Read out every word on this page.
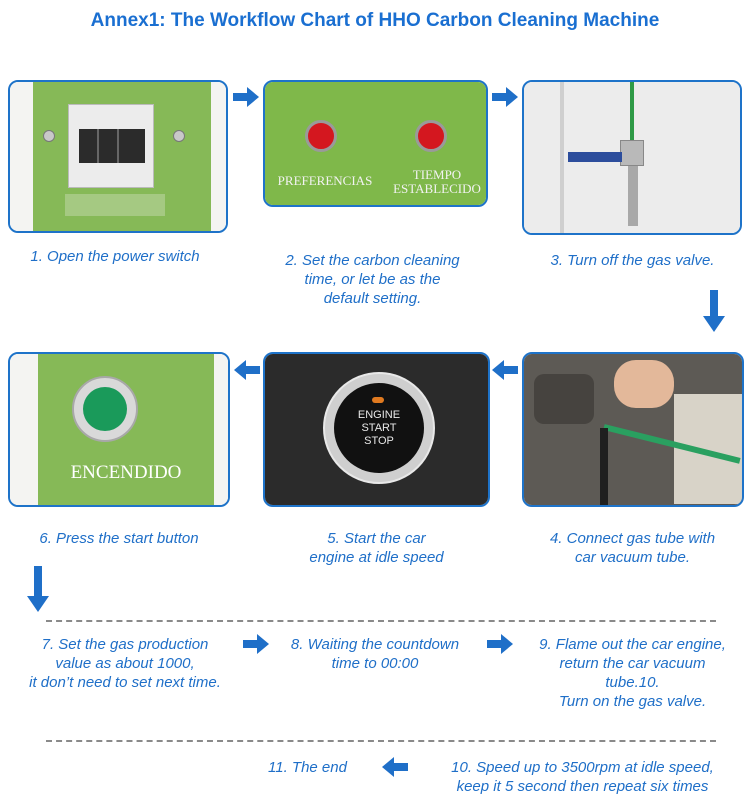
Annex1: The Workflow Chart of HHO Carbon Cleaning Machine
PREFERENCIAS	TIEMPO ESTABLECIDO
1. Open the power switch	2. Set the carbon cleaning
time, or let be as the
default setting.
3. Turn off the gas valve.
ENCENDIDO
ENGINE
START
STOP
6. Press the start button	5. Start the car
engine at idle speed
4. Connect gas tube with
car vacuum tube.
7. Set the gas production
value as about 1000,
it don’t need to set next time.
8. Waiting the countdown
time to 00:00
9. Flame out the car engine,
return the car vacuum
tube.10.
Turn on the gas valve.
11. The end	10. Speed up to 3500rpm at idle speed,
keep it 5 second then repeat six times
